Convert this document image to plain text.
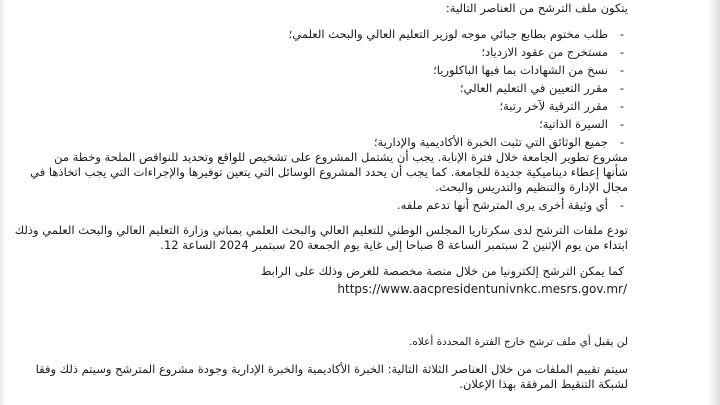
يتكون ملف الترشح من العناصر التالية:
-
طلب مختوم بطابع جبائي موجه لوزير التعليم العالي والبحث العلمي؛
-
مستخرج من عقود الازدياد؛
-
نسخ من الشهادات بما فيها الباكلوريا؛
-
مقرر التعيين في التعليم العالي؛
-
مقرر الترقية لآخر رتبة؛
-
السيرة الذاتية؛
-
جميع الوثائق التي تثبت الخبرة الأكاديمية والإدارية؛
مشروع تطوير الجامعة خلال فترة الإنابة. يجب أن يشتمل المشروع على تشخيص للواقع وتحديد للنواقص الملحة وخطة من
شأنها إعطاء ديناميكية جديدة للجامعة. كما يجب أن يحدد المشروع الوسائل التي يتعين توفيرها والإجراءات التي يجب اتخاذها في
مجال الإدارة والتنظيم والتدريس والبحث.
-
أي وثيقة أخرى يرى المترشح أنها تدعم ملفه.
تودع ملفات الترشح لدى سكرتاريا المجلس الوطني للتعليم العالي والبحث العلمي بمباني وزارة التعليم العالي والبحث العلمي وذلك
ابتداء من يوم الإثنين 2 سبتمبر الساعة 8 صباحا إلى غاية يوم الجمعة 20 سبتمبر 2024 الساعة 12.
كما يمكن الترشح إلكترونيا من خلال منصة مخصصة للغرض وذلك على الرابط
https://www.aacpresidentunivnkc.mesrs.gov.mr/
لن يقبل أي ملف ترشح خارج الفترة المحددة أعلاه.
سيتم تقييم الملفات من خلال العناصر الثلاثة التالية: الخبرة الأكاديمية والخبرة الإدارية وجودة مشروع المترشح وسيتم ذلك وفقا
لشبكة التنقيط المرفقة بهذا الإعلان.
